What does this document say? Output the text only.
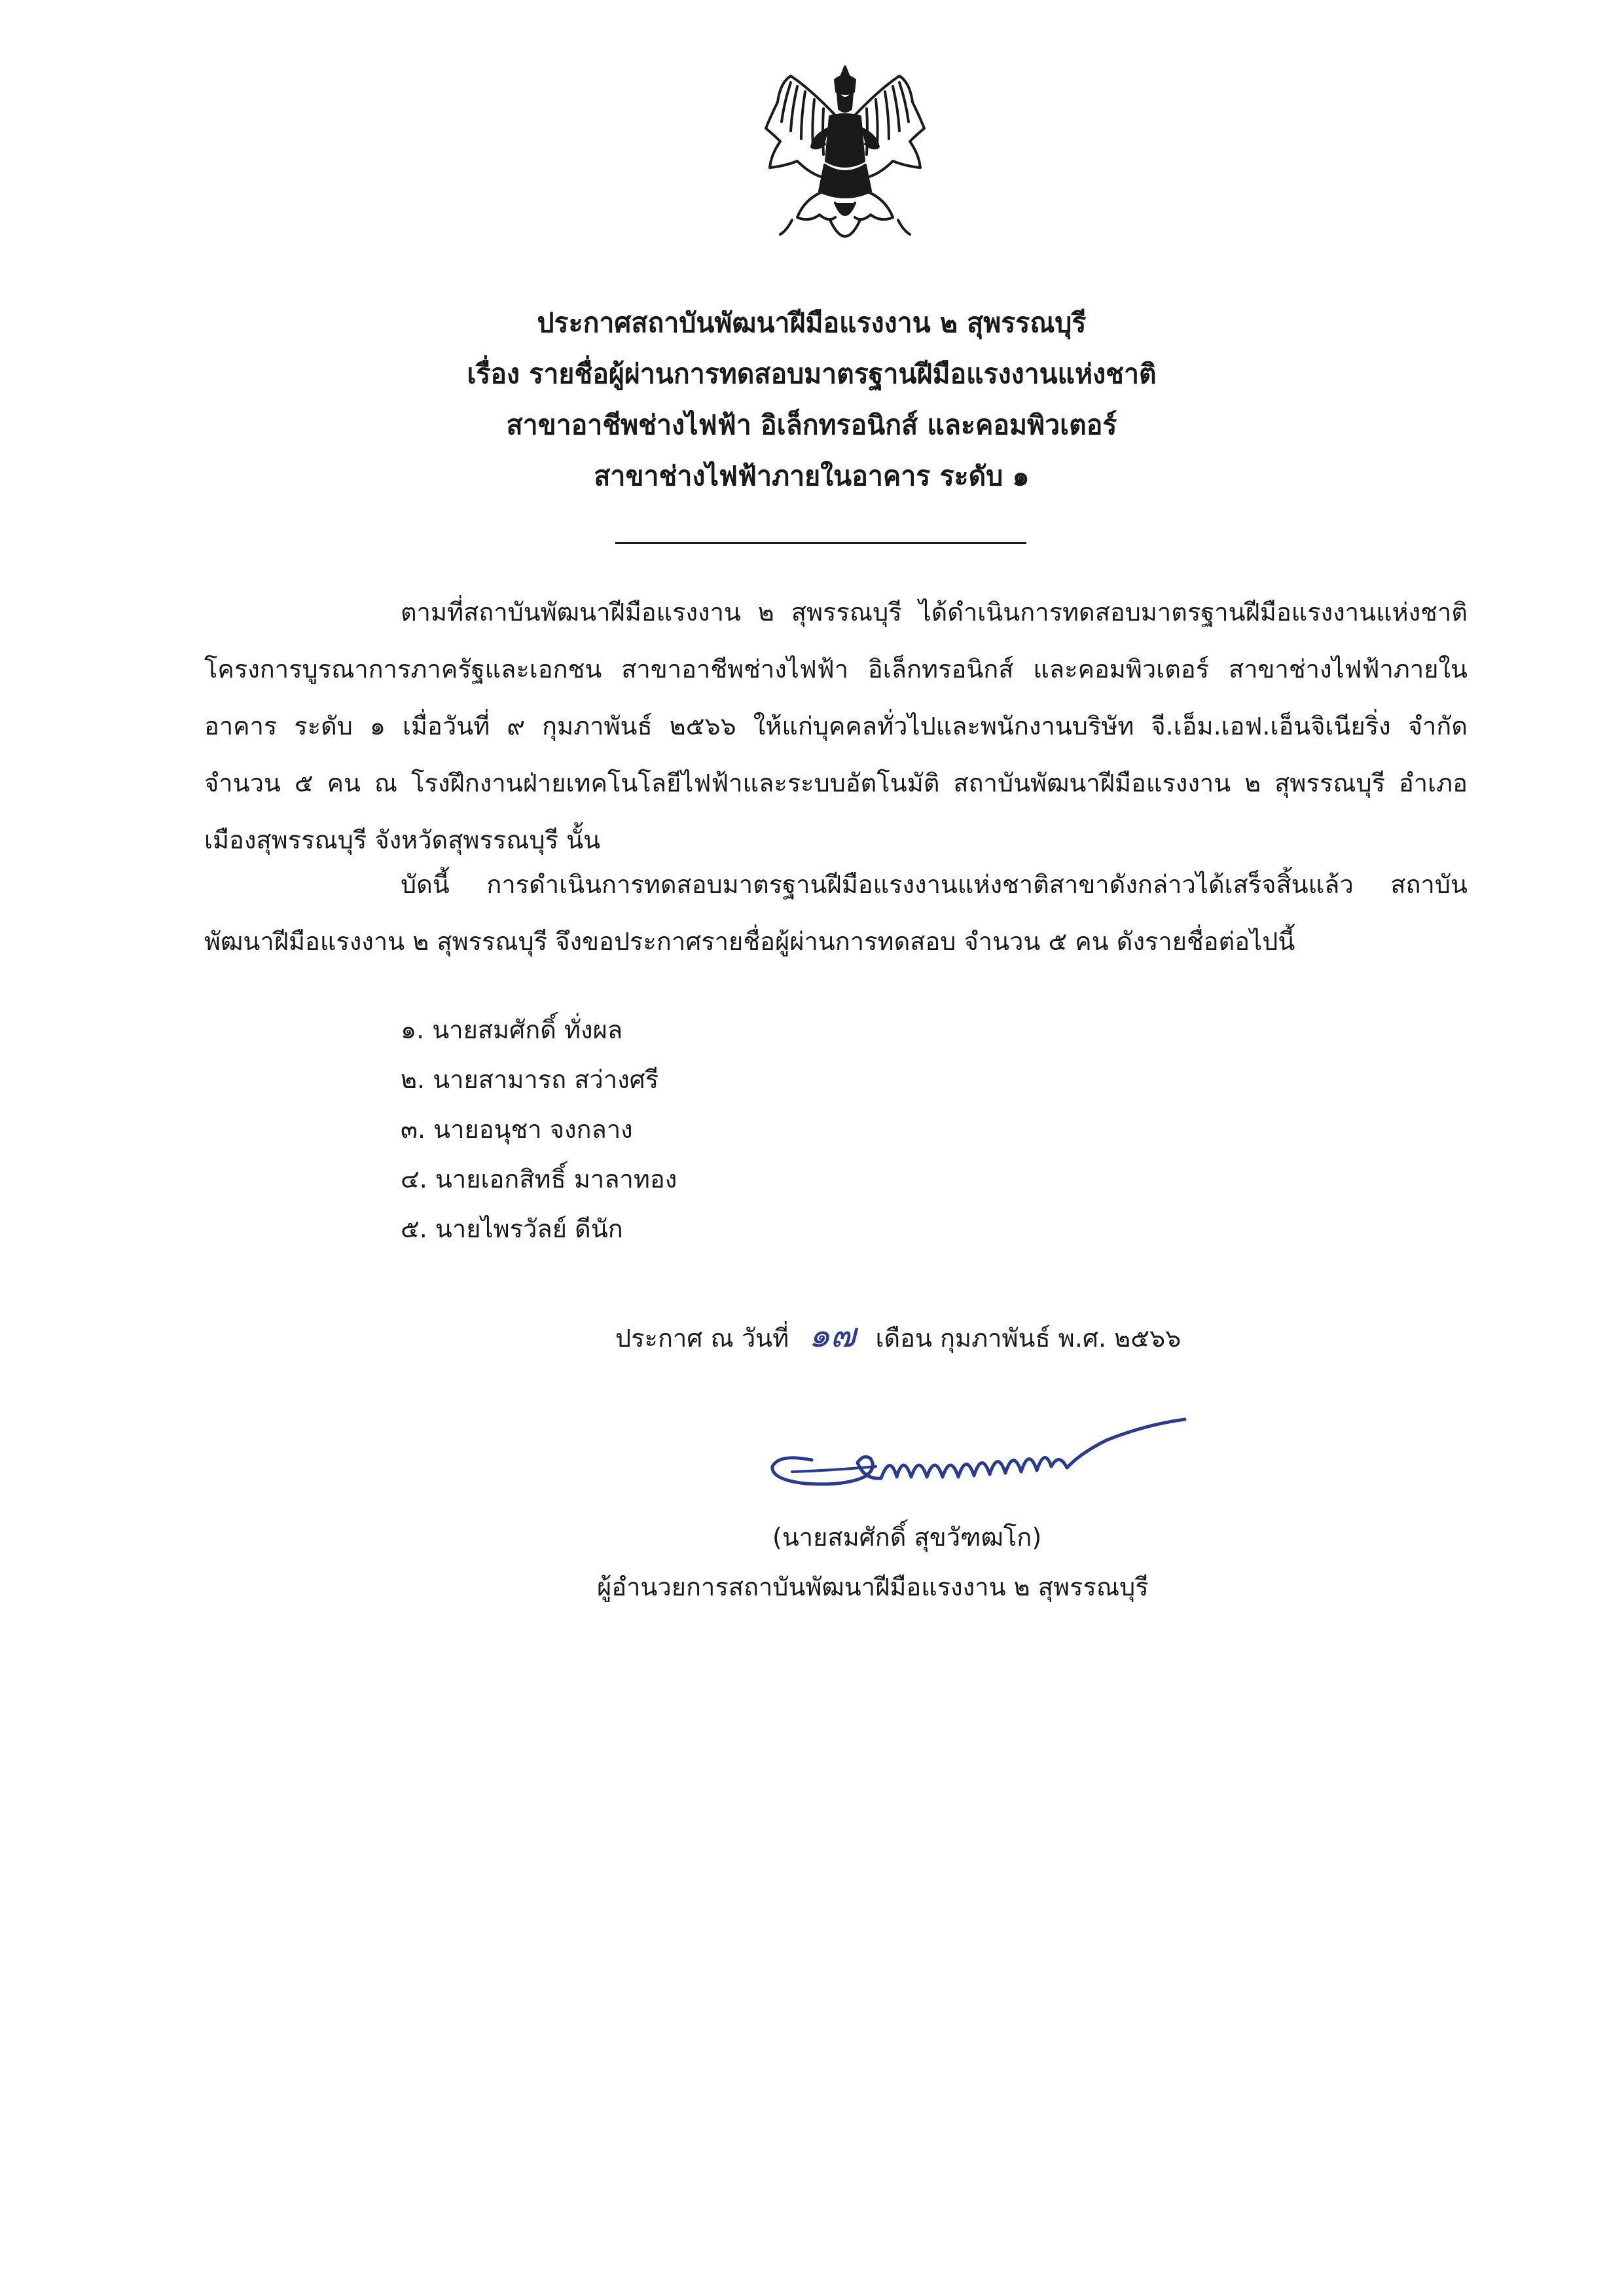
ประกาศสถาบันพัฒนาฝีมือแรงงาน ๒ สุพรรณบุรี
เรื่อง รายชื่อผู้ผ่านการทดสอบมาตรฐานฝีมือแรงงานแห่งชาติ
สาขาอาชีพช่างไฟฟ้า อิเล็กทรอนิกส์ และคอมพิวเตอร์
สาขาช่างไฟฟ้าภายในอาคาร ระดับ ๑

ตามที่สถาบันพัฒนาฝีมือแรงงาน ๒ สุพรรณบุรี ได้ดำเนินการทดสอบมาตรฐานฝีมือแรงงานแห่งชาติ โครงการบูรณาการภาครัฐและเอกชน สาขาอาชีพช่างไฟฟ้า อิเล็กทรอนิกส์ และคอมพิวเตอร์ สาขาช่างไฟฟ้าภายในอาคาร ระดับ ๑ เมื่อวันที่ ๙ กุมภาพันธ์ ๒๕๖๖ ให้แก่บุคคลทั่วไปและพนักงานบริษัท จี.เอ็ม.เอฟ.เอ็นจิเนียริ่ง จำกัด จำนวน ๕ คน ณ โรงฝึกงานฝ่ายเทคโนโลยีไฟฟ้าและระบบอัตโนมัติ สถาบันพัฒนาฝีมือแรงงาน ๒ สุพรรณบุรี อำเภอเมืองสุพรรณบุรี จังหวัดสุพรรณบุรี นั้น

บัดนี้ การดำเนินการทดสอบมาตรฐานฝีมือแรงงานแห่งชาติสาขาดังกล่าวได้เสร็จสิ้นแล้ว สถาบันพัฒนาฝีมือแรงงาน ๒ สุพรรณบุรี จึงขอประกาศรายชื่อผู้ผ่านการทดสอบ จำนวน ๕ คน ดังรายชื่อต่อไปนี้

๑. นายสมศักดิ์ ทั่งผล
๒. นายสามารถ สว่างศรี
๓. นายอนุชา จงกลาง
๔. นายเอกสิทธิ์ มาลาทอง
๕. นายไพรวัลย์ ดีนัก
ประกาศ ณ วันที่ ๑๗ เดือน กุมภาพันธ์ พ.ศ. ๒๕๖๖
(นายสมศักดิ์ สุขวัฑฒโก)
ผู้อำนวยการสถาบันพัฒนาฝีมือแรงงาน ๒ สุพรรณบุรี
